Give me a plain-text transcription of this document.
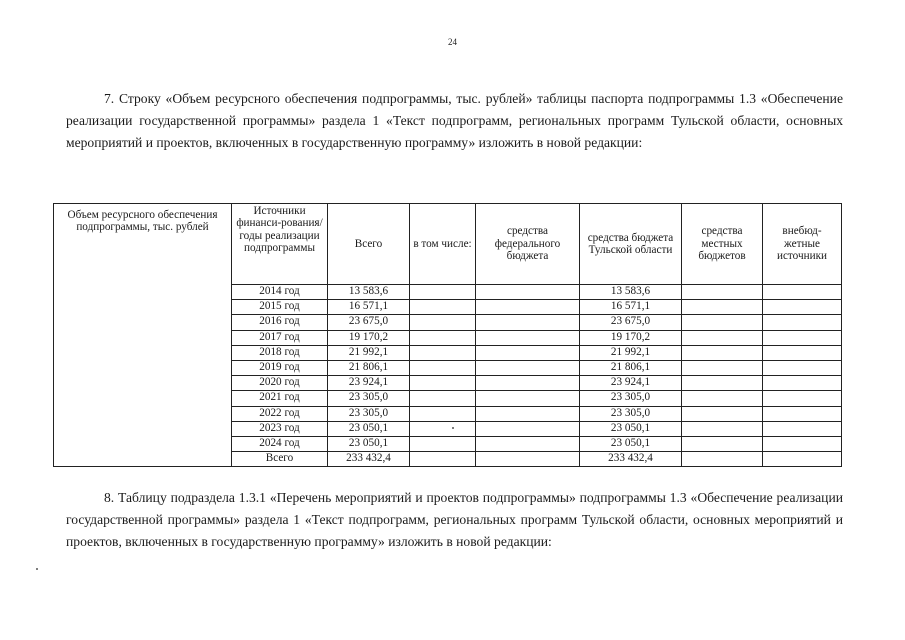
24
7. Строку «Объем ресурсного обеспечения подпрограммы, тыс. рублей» таблицы паспорта подпрограммы 1.3 «Обеспечение реализации государственной программы» раздела 1 «Текст подпрограмм, региональных программ Тульской области, основных мероприятий и проектов, включенных в государственную программу» изложить в новой редакции:
Объем ресурсного обеспечения подпрограммы, тыс. рублей	Источники финанси-рования/ годы реализации подпрограммы	Всего	в том числе:	средства федерального бюджета	средства бюджета Тульской области	средства местных бюджетов	внебюд-жетные источники
	2014 год	13 583,6			13 583,6		
	2015 год	16 571,1			16 571,1		
	2016 год	23 675,0			23 675,0		
	2017 год	19 170,2			19 170,2		
	2018 год	21 992,1			21 992,1		
	2019 год	21 806,1			21 806,1		
	2020 год	23 924,1			23 924,1		
	2021 год	23 305,0			23 305,0		
	2022 год	23 305,0			23 305,0		
	2023 год	23 050,1			23 050,1		
	2024 год	23 050,1			23 050,1		
	Всего	233 432,4			233 432,4		
8. Таблицу подраздела 1.3.1 «Перечень мероприятий и проектов подпрограммы» подпрограммы 1.3 «Обеспечение реализации государственной программы» раздела 1 «Текст подпрограмм, региональных программ Тульской области, основных мероприятий и проектов, включенных в государственную программу» изложить в новой редакции:
